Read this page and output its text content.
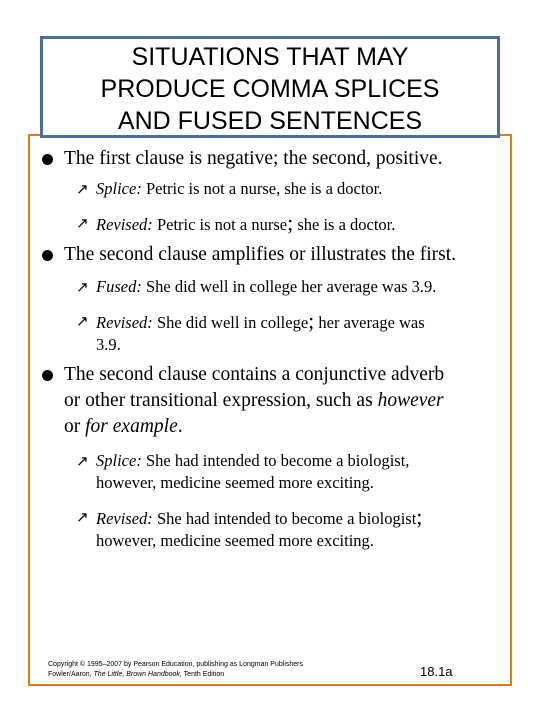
SITUATIONS THAT MAY
PRODUCE COMMA SPLICES
AND FUSED SENTENCES
The first clause is negative; the second, positive.
↗ Splice: Petric is not a nurse, she is a doctor.
↗ Revised: Petric is not a nurse; she is a doctor.
The second clause amplifies or illustrates the first.
↗ Fused: She did well in college her average was 3.9.
↗ Revised: She did well in college; her average was
3.9.
The second clause contains a conjunctive adverb
or other transitional expression, such as however
or for example.
↗ Splice: She had intended to become a biologist,
however, medicine seemed more exciting.
↗ Revised: She had intended to become a biologist;
however, medicine seemed more exciting.
Copyright © 1995–2007 by Pearson Education, publishing as Longman Publishers
Fowler/Aaron, The Little, Brown Handbook, Tenth Edition	18.1a
